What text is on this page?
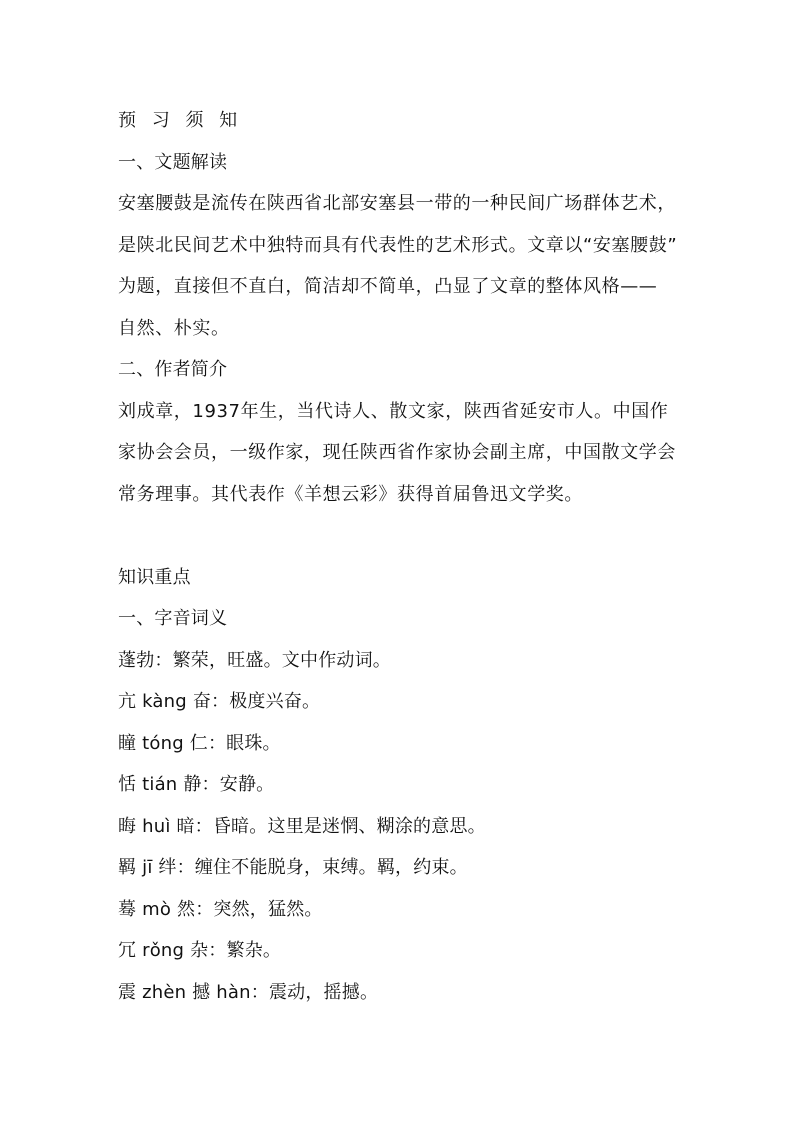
预 习 须 知
一、文题解读
安塞腰鼓是流传在陕西省北部安塞县一带的一种民间广场群体艺术，
是陕北民间艺术中独特而具有代表性的艺术形式。文章以“安塞腰鼓”
为题，直接但不直白，简洁却不简单，凸显了文章的整体风格——
自然、朴实。
二、作者简介
刘成章，1937年生，当代诗人、散文家，陕西省延安市人。中国作
家协会会员，一级作家，现任陕西省作家协会副主席，中国散文学会
常务理事。其代表作《羊想云彩》获得首届鲁迅文学奖。
知识重点
一、字音词义
蓬勃：繁荣，旺盛。文中作动词。
亢 kàng 奋：极度兴奋。
瞳 tóng 仁：眼珠。
恬 tián 静：安静。
晦 huì 暗：昏暗。这里是迷惘、糊涂的意思。
羁 jī 绊：缠住不能脱身，束缚。羁，约束。
蓦 mò 然：突然，猛然。
冗 rǒng 杂：繁杂。
震 zhèn 撼 hàn：震动，摇撼。
